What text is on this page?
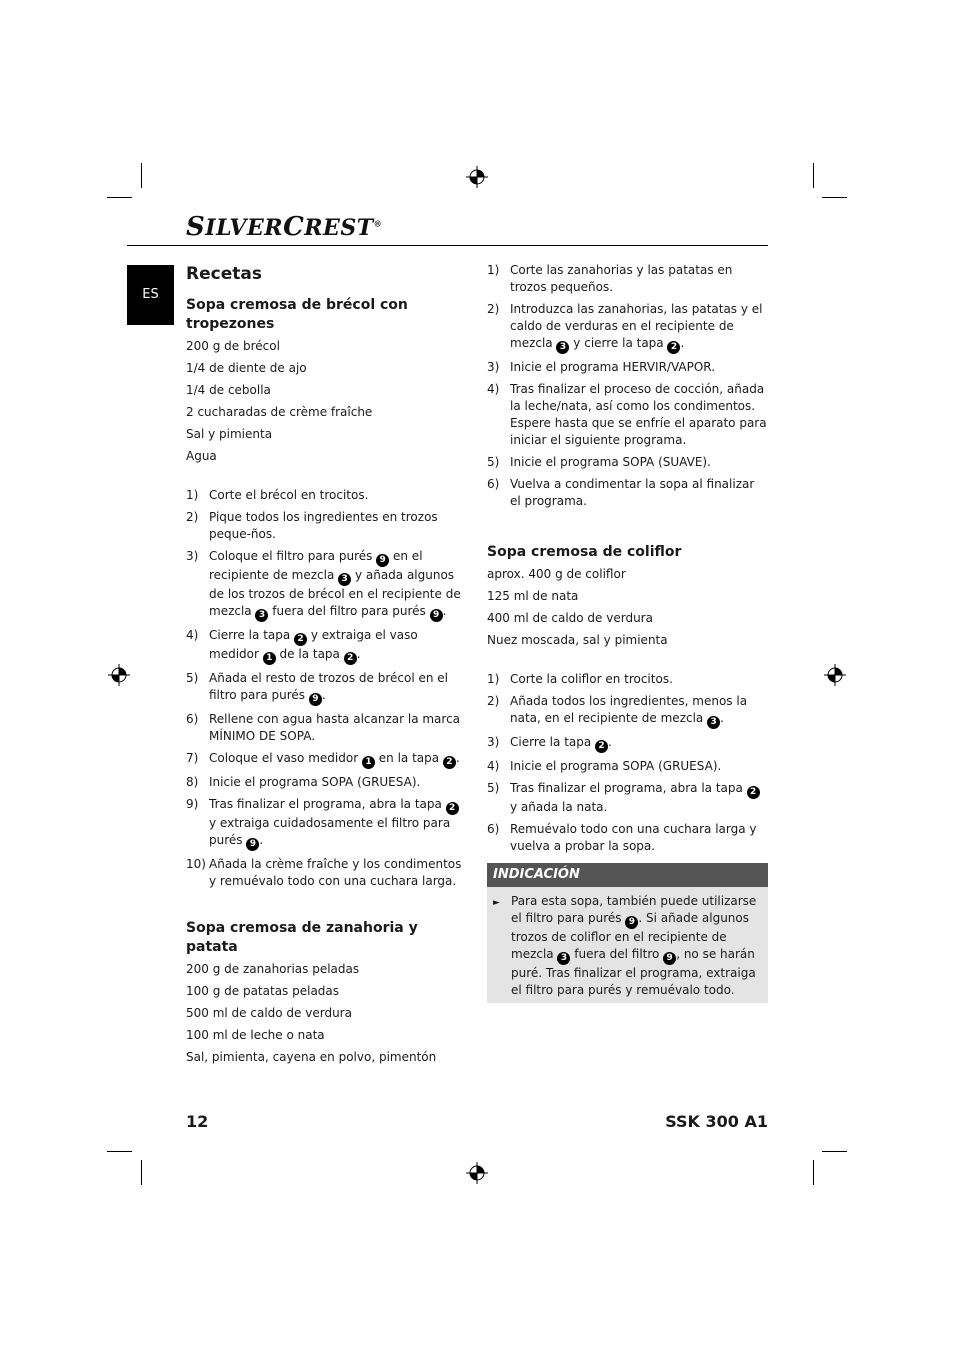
SILVERCREST®
ES
Recetas
Sopa cremosa de brécol con tropezones
200 g de brécol
1/4 de diente de ajo
1/4 de cebolla
2 cucharadas de crème fraîche
Sal y pimienta
Agua
1) Corte el brécol en trocitos.
2) Pique todos los ingredientes en trozos peque-ños.
3) Coloque el filtro para purés 9 en el recipiente de mezcla 3 y añada algunos de los trozos de brécol en el recipiente de mezcla 3 fuera del filtro para purés 9 .
4) Cierre la tapa 2 y extraiga el vaso medidor 1 de la tapa 2 .
5) Añada el resto de trozos de brécol en el filtro para purés 9 .
6) Rellene con agua hasta alcanzar la marca MÍNIMO DE SOPA.
7) Coloque el vaso medidor 1 en la tapa 2 .
8) Inicie el programa SOPA (GRUESA).
9) Tras finalizar el programa, abra la tapa 2 y extraiga cuidadosamente el filtro para purés 9 .
10) Añada la crème fraîche y los condimentos y remuévalo todo con una cuchara larga.
Sopa cremosa de zanahoria y patata
200 g de zanahorias peladas
100 g de patatas peladas
500 ml de caldo de verdura
100 ml de leche o nata
Sal, pimienta, cayena en polvo, pimentón
1) Corte las zanahorias y las patatas en trozos pequeños.
2) Introduzca las zanahorias, las patatas y el caldo de verduras en el recipiente de mezcla 3 y cierre la tapa 2 .
3) Inicie el programa HERVIR/VAPOR.
4) Tras finalizar el proceso de cocción, añada la leche/nata, así como los condimentos. Espere hasta que se enfríe el aparato para iniciar el siguiente programa.
5) Inicie el programa SOPA (SUAVE).
6) Vuelva a condimentar la sopa al finalizar el programa.
Sopa cremosa de coliflor
aprox. 400 g de coliflor
125 ml de nata
400 ml de caldo de verdura
Nuez moscada, sal y pimienta
1) Corte la coliflor en trocitos.
2) Añada todos los ingredientes, menos la nata, en el recipiente de mezcla 3 .
3) Cierre la tapa 2 .
4) Inicie el programa SOPA (GRUESA).
5) Tras finalizar el programa, abra la tapa 2 y añada la nata.
6) Remuévalo todo con una cuchara larga y vuelva a probar la sopa.
INDICACIÓN
► Para esta sopa, también puede utilizarse el filtro para purés 9 . Si añade algunos trozos de coliflor en el recipiente de mezcla 3 fuera del filtro 9 , no se harán puré. Tras finalizar el programa, extraiga el filtro para purés y remuévalo todo.
12	SSK 300 A1
